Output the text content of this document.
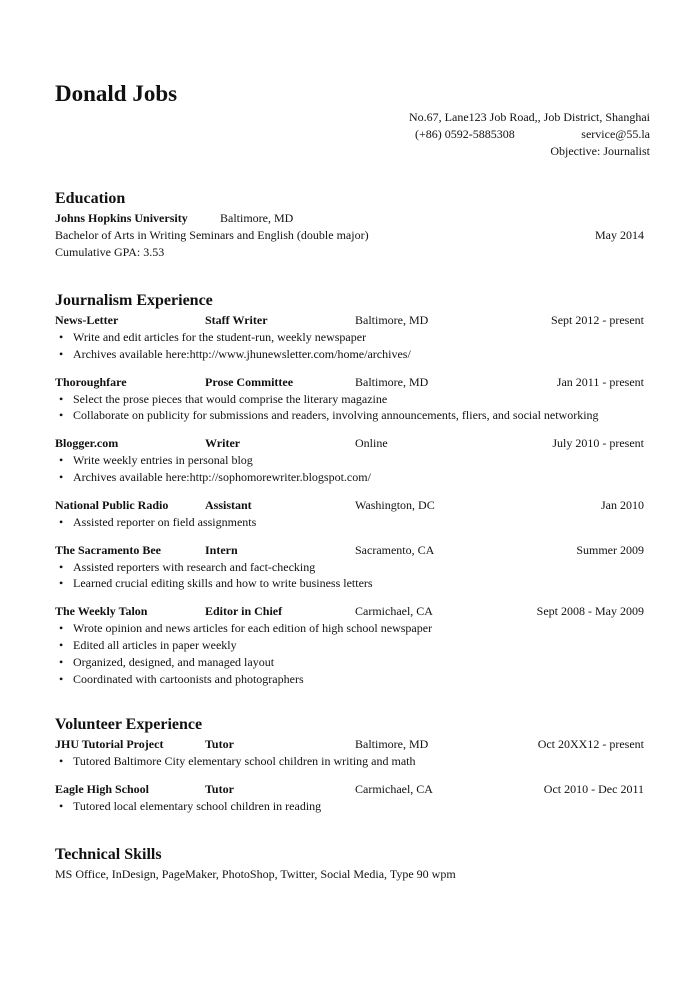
Donald Jobs
No.67, Lane123 Job Road,, Job District, Shanghai
(+86) 0592-5885308	service@55.la
Objective: Journalist
Education
Johns Hopkins University	Baltimore, MD
Bachelor of Arts in Writing Seminars and English (double major)	May 2014
Cumulative GPA: 3.53
Journalism Experience
News-Letter	Staff Writer	Baltimore, MD	Sept 2012 - present
• Write and edit articles for the student-run, weekly newspaper
• Archives available here:http://www.jhunewsletter.com/home/archives/
Thoroughfare	Prose Committee	Baltimore, MD	Jan 2011 - present
• Select the prose pieces that would comprise the literary magazine
• Collaborate on publicity for submissions and readers, involving announcements, fliers, and social networking
Blogger.com	Writer	Online	July 2010 - present
• Write weekly entries in personal blog
• Archives available here:http://sophomorewriter.blogspot.com/
National Public Radio	Assistant	Washington, DC	Jan 2010
• Assisted reporter on field assignments
The Sacramento Bee	Intern	Sacramento, CA	Summer 2009
• Assisted reporters with research and fact-checking
• Learned crucial editing skills and how to write business letters
The Weekly Talon	Editor in Chief	Carmichael, CA	Sept 2008 - May 2009
• Wrote opinion and news articles for each edition of high school newspaper
• Edited all articles in paper weekly
• Organized, designed, and managed layout
• Coordinated with cartoonists and photographers
Volunteer Experience
JHU Tutorial Project	Tutor	Baltimore, MD	Oct 20XX12 - present
• Tutored Baltimore City elementary school children in writing and math
Eagle High School	Tutor	Carmichael, CA	Oct 2010 - Dec 2011
• Tutored local elementary school children in reading
Technical Skills
MS Office, InDesign, PageMaker, PhotoShop, Twitter, Social Media, Type 90 wpm
